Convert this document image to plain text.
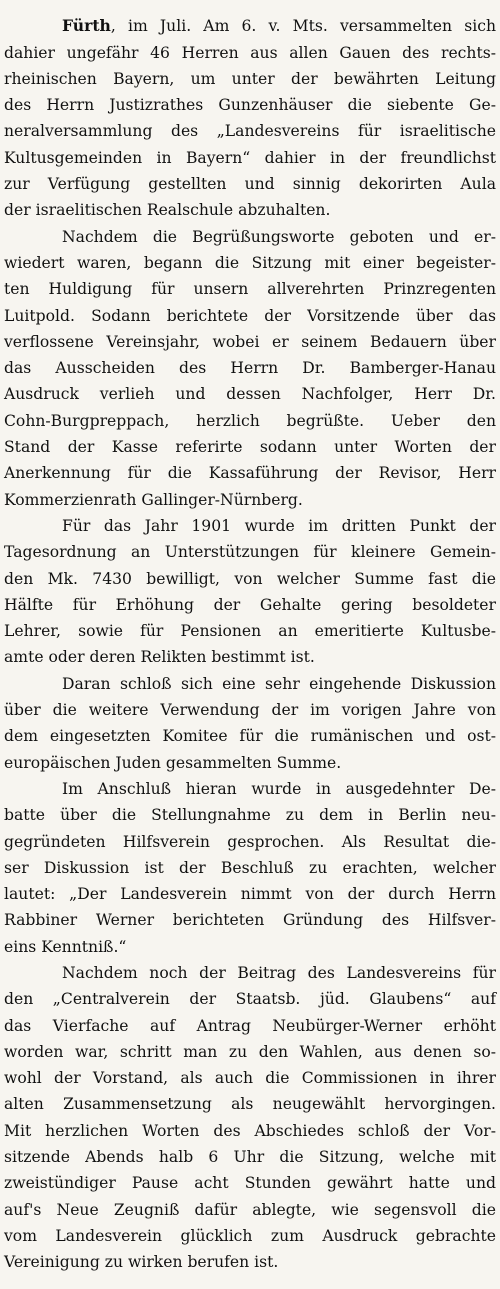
Fürth, im Juli. Am 6. v. Mts. versammelten sich
dahier ungefähr 46 Herren aus allen Gauen des rechts-
rheinischen Bayern, um unter der bewährten Leitung
des Herrn Justizrathes Gunzenhäuser die siebente Ge-
neralversammlung des „Landesvereins für israelitische
Kultusgemeinden in Bayern“ dahier in der freundlichst
zur Verfügung gestellten und sinnig dekorirten Aula
der israelitischen Realschule abzuhalten.
Nachdem die Begrüßungsworte geboten und er-
wiedert waren, begann die Sitzung mit einer begeister-
ten Huldigung für unsern allverehrten Prinzregenten
Luitpold. Sodann berichtete der Vorsitzende über das
verflossene Vereinsjahr, wobei er seinem Bedauern über
das Ausscheiden des Herrn Dr. Bamberger-Hanau
Ausdruck verlieh und dessen Nachfolger, Herr Dr.
Cohn-Burgpreppach, herzlich begrüßte. Ueber den
Stand der Kasse referirte sodann unter Worten der
Anerkennung für die Kassaführung der Revisor, Herr
Kommerzienrath Gallinger-Nürnberg.
Für das Jahr 1901 wurde im dritten Punkt der
Tagesordnung an Unterstützungen für kleinere Gemein-
den Mk. 7430 bewilligt, von welcher Summe fast die
Hälfte für Erhöhung der Gehalte gering besoldeter
Lehrer, sowie für Pensionen an emeritierte Kultusbe-
amte oder deren Relikten bestimmt ist.
Daran schloß sich eine sehr eingehende Diskussion
über die weitere Verwendung der im vorigen Jahre von
dem eingesetzten Komitee für die rumänischen und ost-
europäischen Juden gesammelten Summe.
Im Anschluß hieran wurde in ausgedehnter De-
batte über die Stellungnahme zu dem in Berlin neu-
gegründeten Hilfsverein gesprochen. Als Resultat die-
ser Diskussion ist der Beschluß zu erachten, welcher
lautet: „Der Landesverein nimmt von der durch Herrn
Rabbiner Werner berichteten Gründung des Hilfsver-
eins Kenntniß.“
Nachdem noch der Beitrag des Landesvereins für
den „Centralverein der Staatsb. jüd. Glaubens“ auf
das Vierfache auf Antrag Neubürger-Werner erhöht
worden war, schritt man zu den Wahlen, aus denen so-
wohl der Vorstand, als auch die Commissionen in ihrer
alten Zusammensetzung als neugewählt hervorgingen.
Mit herzlichen Worten des Abschiedes schloß der Vor-
sitzende Abends halb 6 Uhr die Sitzung, welche mit
zweistündiger Pause acht Stunden gewährt hatte und
auf's Neue Zeugniß dafür ablegte, wie segensvoll die
vom Landesverein glücklich zum Ausdruck gebrachte
Vereinigung zu wirken berufen ist.
